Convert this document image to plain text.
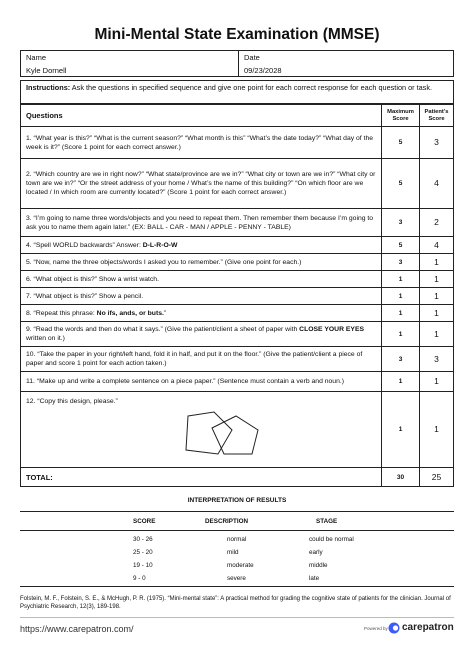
Mini-Mental State Examination (MMSE)
Name
Kyle Dornell
Date
09/23/2028
Instructions: Ask the questions in specified sequence and give one point for each correct response for each question or task.
Questions	Maximum Score	Patient's Score
1. “What year is this?” “What is the current season?” “What month is this” “What’s the date today?” “What day of the week is it?” (Score 1 point for each correct answer.)	5	3
2. “Which country are we in right now?” “What state/province are we in?” “What city or town are we in?” “What city or town are we in?” “Or the street address of your home / What’s the name of this building?” “On which floor are we located / In which room are currently located?” (Score 1 point for each correct answer.)	5	4
3. “I’m going to name three words/objects and you need to repeat them. Then remember them because I’m going to ask you to name them again later.” (EX: BALL - CAR - MAN / APPLE - PENNY - TABLE)	3	2
4. “Spell WORLD backwards” Answer: D-L-R-O-W	5	4
5. “Now, name the three objects/words I asked you to remember.” (Give one point for each.)	3	1
6. “What object is this?” Show a wrist watch.	1	1
7. “What object is this?” Show a pencil.	1	1
8. “Repeat this phrase: No ifs, ands, or buts.”	1	1
9. “Read the words and then do what it says.” (Give the patient/client a sheet of paper with CLOSE YOUR EYES written on it.)	1	1
10. “Take the paper in your right/left hand, fold it in half, and put it on the floor.” (Give the patient/client a piece of paper and score 1 point for each action taken.)	3	3
11. “Make up and write a complete sentence on a piece paper.” (Sentence must contain a verb and noun.)	1	1

12. “Copy this design, please.”	1	1
TOTAL:	30	25
INTERPRETATION OF RESULTS
SCORE	DESCRIPTION	STAGE
30 - 26	normal	could be normal
25 - 20	mild	early
19 - 10	moderate	middle
9 - 0	severe	late
Folstein, M. F., Folstein, S. E., & McHugh, P. R. (1975). “Mini-mental state”: A practical method for grading the cognitive state of patients for the clinician. Journal of Psychiatric Research, 12(3), 189-198.
https://www.carepatron.com/	Powered by carepatron
